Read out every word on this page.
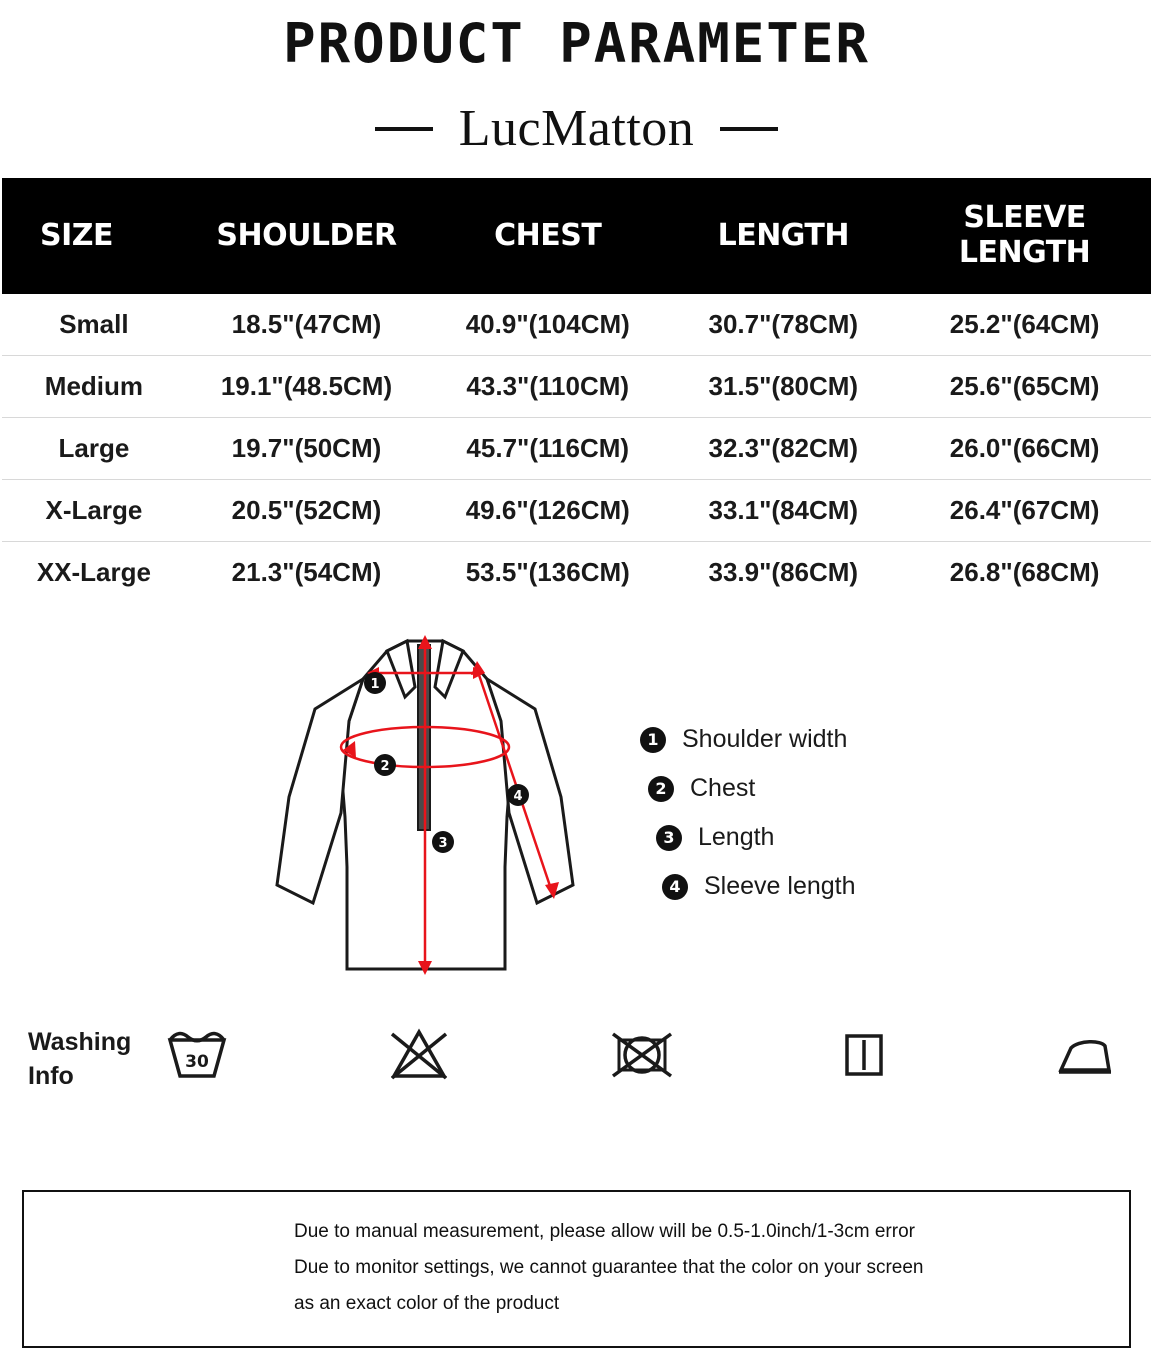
PRODUCT PARAMETER
LucMatton
SIZE	SHOULDER	CHEST	LENGTH	SLEEVE LENGTH
Small	18.5"(47CM)	40.9"(104CM)	30.7"(78CM)	25.2"(64CM)
Medium	19.1"(48.5CM)	43.3"(110CM)	31.5"(80CM)	25.6"(65CM)
Large	19.7"(50CM)	45.7"(116CM)	32.3"(82CM)	26.0"(66CM)
X-Large	20.5"(52CM)	49.6"(126CM)	33.1"(84CM)	26.4"(67CM)
XX-Large	21.3"(54CM)	53.5"(136CM)	33.9"(86CM)	26.8"(68CM)
1
2
3
4
1 Shoulder width
2 Chest
3 Length
4 Sleeve length
Washing
Info	30
Due to manual measurement, please allow will be 0.5-1.0inch/1-3cm error
Due to monitor settings, we cannot guarantee that the color on your screen
as an exact color of the product
